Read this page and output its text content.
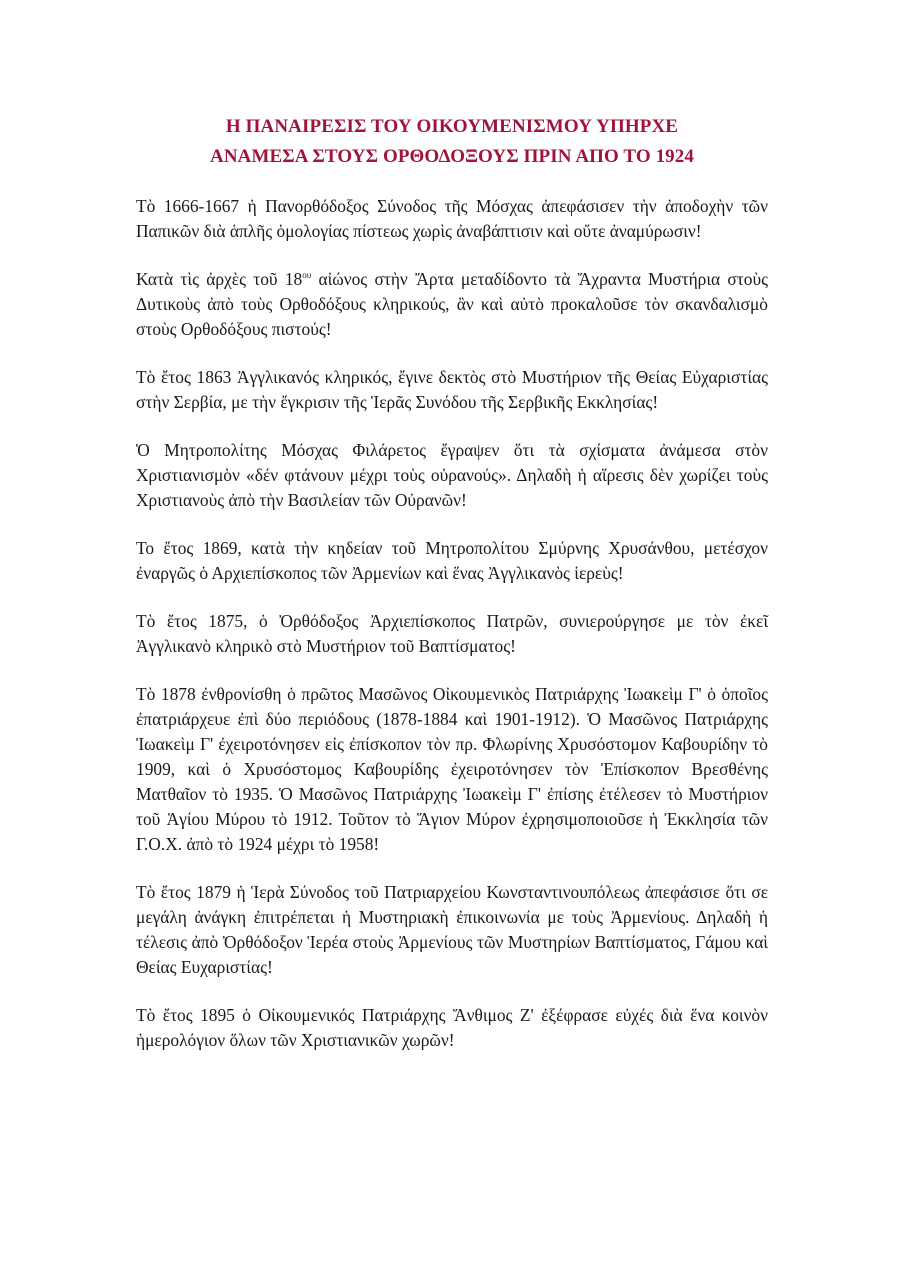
Η ΠΑΝΑΙΡΕΣΙΣ ΤΟΥ ΟΙΚΟΥΜΕΝΙΣΜΟΥ ΥΠΗΡΧΕ
ΑΝΑΜΕΣΑ ΣΤΟΥΣ ΟΡΘΟΔΟΞΟΥΣ ΠΡΙΝ ΑΠΟ ΤΟ 1924

Τὸ 1666-1667 ἡ Πανορθόδοξος Σύνοδος τῆς Μόσχας ἀπεφάσισεν τὴν ἀποδοχὴν τῶν Παπικῶν διὰ ἁπλῆς ὁμολογίας πίστεως χωρὶς ἀναβάπτισιν καὶ οὔτε ἀναμύρωσιν!

Κατὰ τὶς ἀρχὲς τοῦ $18^{o\upsilon}$ αἰώνος στὴν Ἄρτα μεταδίδοντο τὰ Ἄχραντα Μυστήρια στοὺς Δυτικοὺς ἀπὸ τοὺς Ορθοδόξους κληρικούς, ἂν καὶ αὐτὸ προκαλοῦσε τὸν σκανδαλισμὸ στοὺς Ορθοδόξους πιστούς!

Τὸ ἔτος 1863 Ἀγγλικανός κληρικός, ἔγινε δεκτὸς στὸ Μυστήριον τῆς Θείας Εὐχαριστίας στὴν Σερβία, με τὴν ἔγκρισιν τῆς Ἱερᾶς Συνόδου τῆς Σερβικῆς Εκκλησίας!

Ὁ Μητροπολίτης Μόσχας Φιλάρετος ἔγραψεν ὅτι τὰ σχίσματα ἀνάμεσα στὸν Χριστιανισμὸν «δέν φτάνουν μέχρι τοὺς οὐρανούς». Δηλαδὴ ἡ αἵρεσις δὲν χωρίζει τοὺς Χριστιανοὺς ἀπὸ τὴν Βασιλείαν τῶν Οὐρανῶν!

Το ἔτος 1869, κατὰ τὴν κηδείαν τοῦ Μητροπολίτου Σμύρνης Χρυσάνθου, μετέσχον ἐναργῶς ὁ Αρχιεπίσκοπος τῶν Ἀρμενίων καὶ ἕνας Ἀγγλικανὸς ἱερεὺς!

Τὸ ἔτος 1875, ὁ Ὀρθόδοξος Ἀρχιεπίσκοπος Πατρῶν, συνιερούργησε με τὸν ἐκεῖ Ἀγγλικανὸ κληρικὸ στὸ Μυστήριον τοῦ Βαπτίσματος!

Τὸ 1878 ἐνθρονίσθη ὁ πρῶτος Μασῶνος Οἰκουμενικὸς Πατριάρχης Ἰωακεὶμ Γ' ὁ ὁποῖος ἐπατριάρχευε ἐπὶ δύο περιόδους (1878-1884 καὶ 1901-1912). Ὁ Μασῶνος Πατριάρχης Ἰωακεὶμ Γ' ἐχειροτόνησεν εἰς ἐπίσκοπον τὸν πρ. Φλωρίνης Χρυσόστομον Καβουρίδην τὸ 1909, καὶ ὁ Χρυσόστομος Καβουρίδης ἐχειροτόνησεν τὸν Ἐπίσκοπον Βρεσθένης Ματθαῖον τὸ 1935. Ὁ Μασῶνος Πατριάρχης Ἰωακεὶμ Γ' ἐπίσης ἐτέλεσεν τὸ Μυστήριον τοῦ Ἁγίου Μύρου τὸ 1912. Τοῦτον τὸ Ἅγιον Μύρον ἐχρησιμοποιοῦσε ἡ Ἐκκλησία τῶν Γ.Ο.Χ. ἀπὸ τὸ 1924 μέχρι τὸ 1958!

Τὸ ἔτος 1879 ἡ Ἱερὰ Σύνοδος τοῦ Πατριαρχείου Κωνσταντινουπόλεως ἀπεφάσισε ὅτι σε μεγάλη ἀνάγκη ἐπιτρέπεται ἡ Μυστηριακὴ ἐπικοινωνία με τοὺς Ἀρμενίους. Δηλαδὴ ἡ τέλεσις ἀπὸ Ὀρθόδοξον Ἱερέα στοὺς Ἀρμενίους τῶν Μυστηρίων Βαπτίσματος, Γάμου καὶ Θείας Ευχαριστίας!

Τὸ ἔτος 1895 ὁ Οἰκουμενικός Πατριάρχης Ἄνθιμος Ζ' ἐξέφρασε εὐχές διὰ ἕνα κοινὸν ἡμερολόγιον ὅλων τῶν Χριστιανικῶν χωρῶν!
